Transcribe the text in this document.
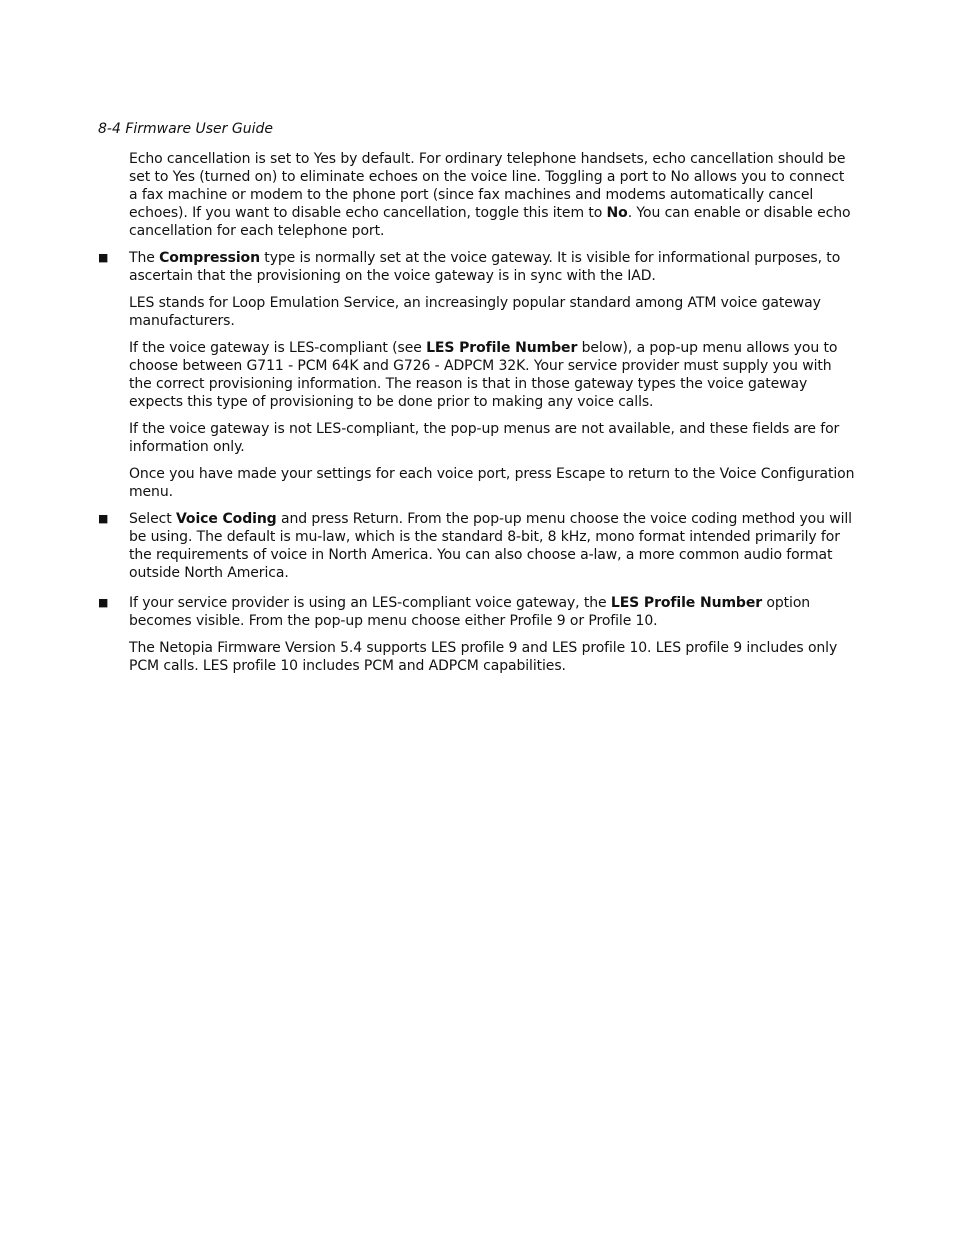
8-4 Firmware User Guide

Echo cancellation is set to Yes by default. For ordinary telephone handsets, echo cancellation should be set to Yes (turned on) to eliminate echoes on the voice line. Toggling a port to No allows you to connect a fax machine or modem to the phone port (since fax machines and modems automatically cancel echoes). If you want to disable echo cancellation, toggle this item to No. You can enable or disable echo cancellation for each telephone port.

■ The Compression type is normally set at the voice gateway. It is visible for informational purposes, to ascertain that the provisioning on the voice gateway is in sync with the IAD.

LES stands for Loop Emulation Service, an increasingly popular standard among ATM voice gateway manufacturers.

If the voice gateway is LES-compliant (see LES Profile Number below), a pop-up menu allows you to choose between G711 - PCM 64K and G726 - ADPCM 32K. Your service provider must supply you with the correct provisioning information. The reason is that in those gateway types the voice gateway expects this type of provisioning to be done prior to making any voice calls.

If the voice gateway is not LES-compliant, the pop-up menus are not available, and these fields are for information only.

Once you have made your settings for each voice port, press Escape to return to the Voice Configuration menu.

■ Select Voice Coding and press Return. From the pop-up menu choose the voice coding method you will be using. The default is mu-law, which is the standard 8-bit, 8 kHz, mono format intended primarily for the requirements of voice in North America. You can also choose a-law, a more common audio format outside North America.
■ If your service provider is using an LES-compliant voice gateway, the LES Profile Number option becomes visible. From the pop-up menu choose either Profile 9 or Profile 10.

The Netopia Firmware Version 5.4 supports LES profile 9 and LES profile 10. LES profile 9 includes only PCM calls. LES profile 10 includes PCM and ADPCM capabilities.
